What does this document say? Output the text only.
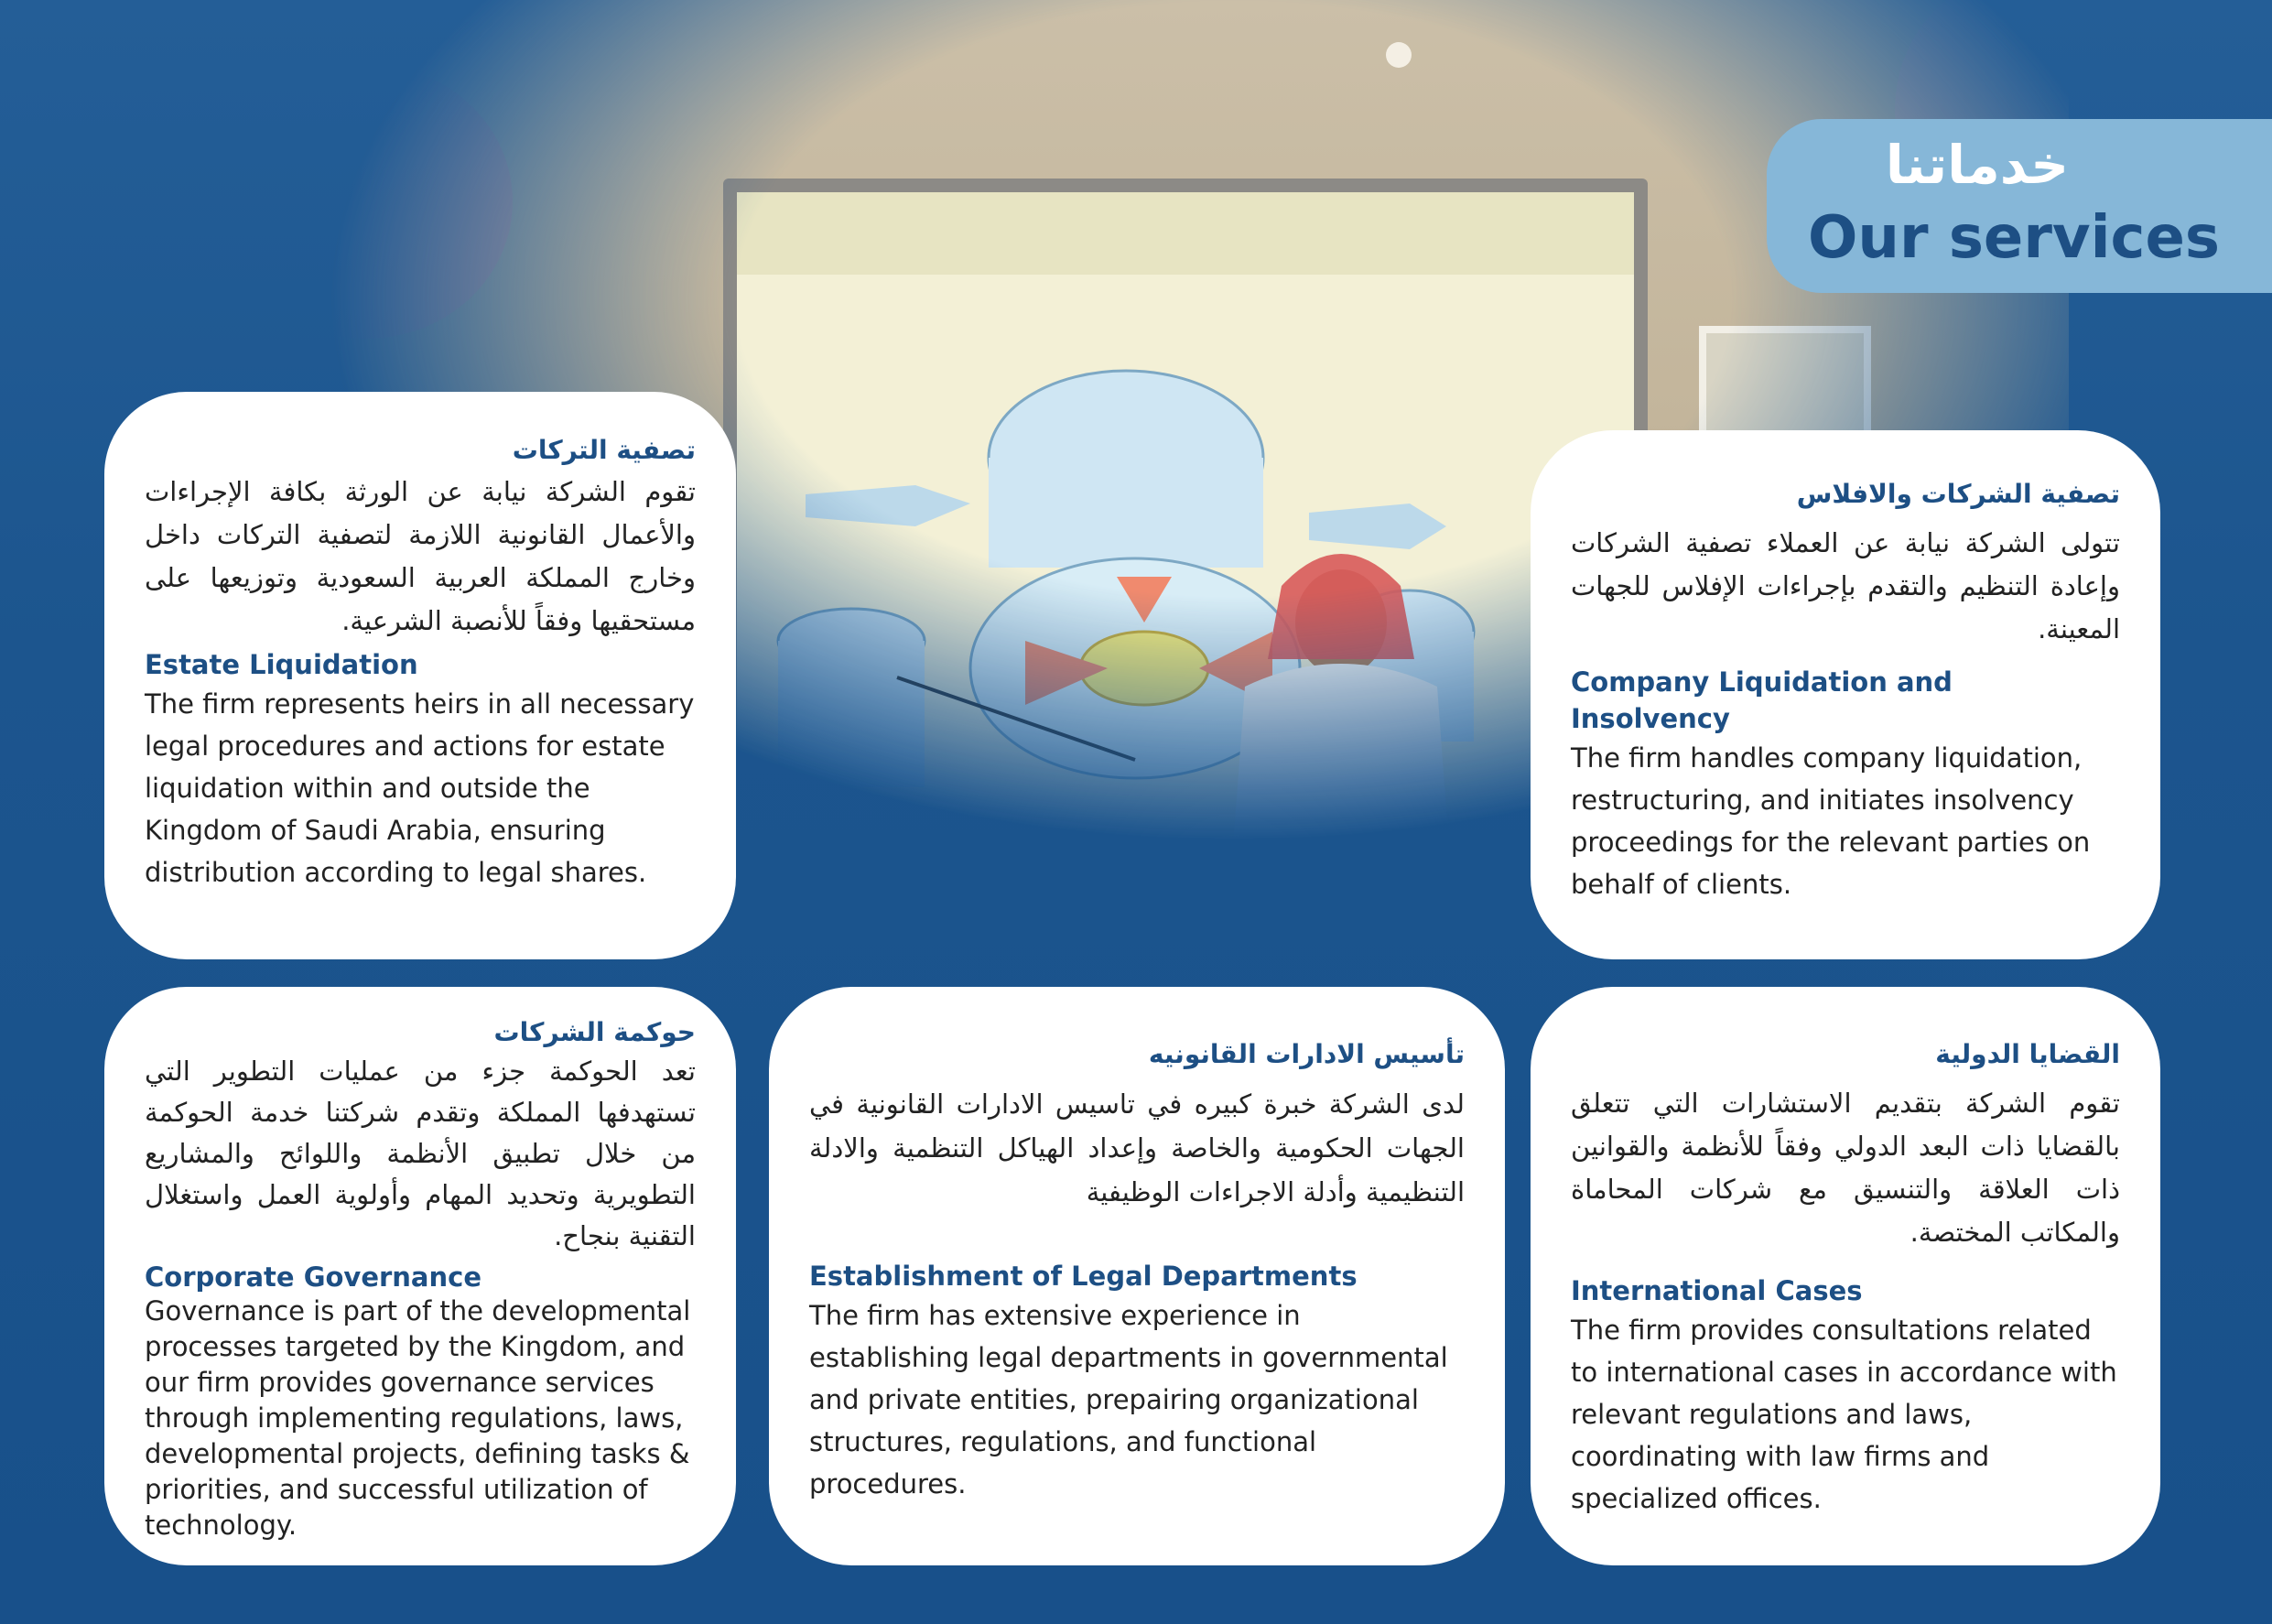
خدماتنا
Our services
تصفية التركات
تقوم الشركة نيابة عن الورثة بكافة الإجراءات والأعمال القانونية اللازمة لتصفية التركات داخل وخارج المملكة العربية السعودية وتوزيعها على مستحقيها وفقاً للأنصبة الشرعية.
Estate Liquidation
The firm represents heirs in all necessary legal procedures and actions for estate liquidation within and outside the Kingdom of Saudi Arabia, ensuring distribution according to legal shares.
تصفية الشركات والافلاس
تتولى الشركة نيابة عن العملاء تصفية الشركات وإعادة التنظيم والتقدم بإجراءات الإفلاس للجهات المعينة.
Company Liquidation and Insolvency
The firm handles company liquidation, restructuring, and initiates insolvency proceedings for the relevant parties on behalf of clients.
حوكمة الشركات
تعد الحوكمة جزء من عمليات التطوير التي تستهدفها المملكة وتقدم شركتنا خدمة الحوكمة من خلال تطبيق الأنظمة واللوائح والمشاريع التطويرية وتحديد المهام وأولوية العمل واستغلال التقنية بنجاح.
Corporate Governance
Governance is part of the developmental processes targeted by the Kingdom, and our firm provides governance services through implementing regulations, laws, developmental projects, defining tasks & priorities, and successful utilization of technology.
تأسيس الادارات القانونيه
لدى الشركة خبرة كبيره في تاسيس الادارات القانونية في الجهات الحكومية والخاصة وإعداد الهياكل التنظمية والادلة التنظيمية وأدلة الاجراءات الوظيفية
Establishment of Legal Departments
The firm has extensive experience in establishing legal departments in governmental and private entities, prepairing organizational structures, regulations, and functional procedures.
القضايا الدولية
تقوم الشركة بتقديم الاستشارات التي تتعلق بالقضايا ذات البعد الدولي وفقاً للأنظمة والقوانين ذات العلاقة والتنسيق مع شركات المحاماة والمكاتب المختصة.
International Cases
The firm provides consultations related to international cases in accordance with relevant regulations and laws, coordinating with law firms and specialized offices.
